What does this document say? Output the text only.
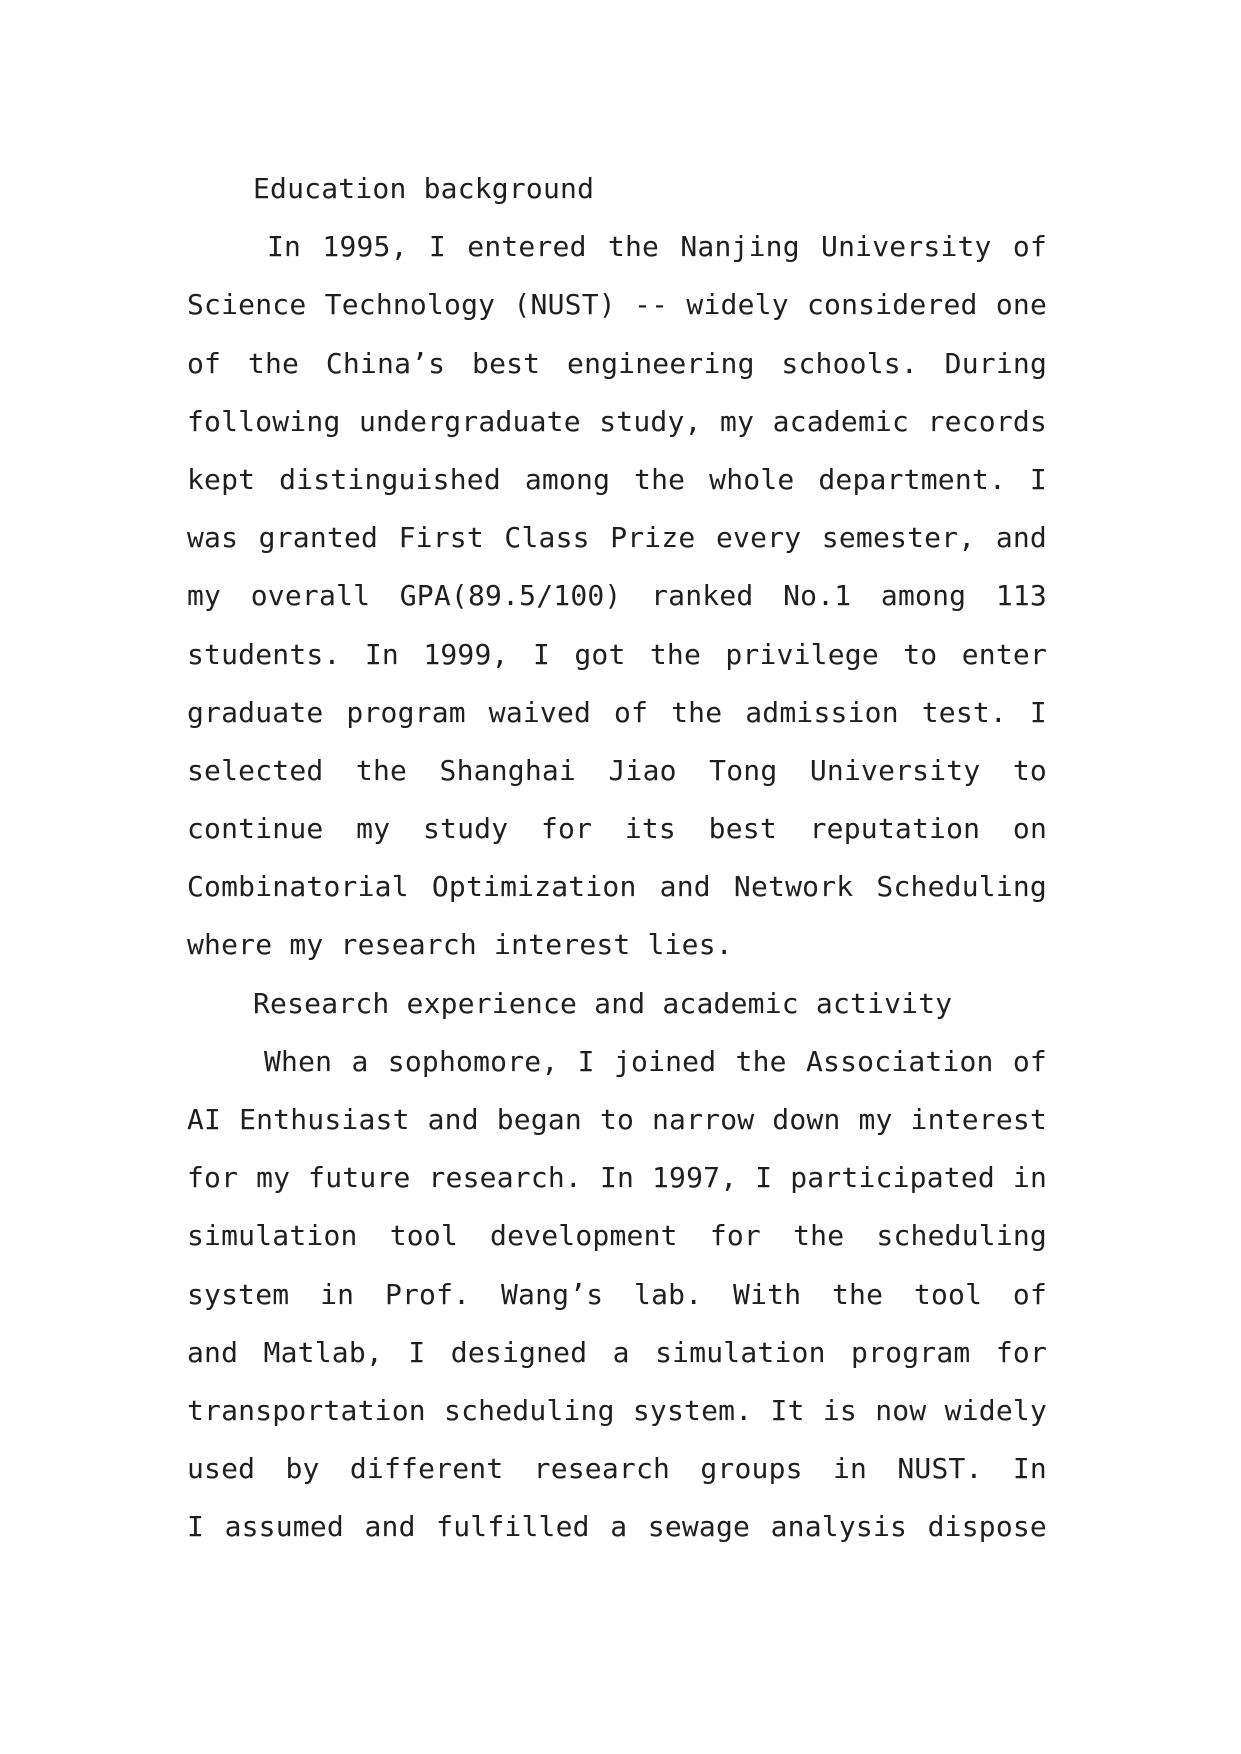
Education background
In 1995, I entered the Nanjing University of
Science Technology (NUST) -- widely considered one
of the China’s best engineering schools. During
following undergraduate study, my academic records
kept distinguished among the whole department. I
was granted First Class Prize every semester, and
my overall GPA(89.5/100) ranked No.1 among 113
students. In 1999, I got the privilege to enter
graduate program waived of the admission test. I
selected the Shanghai Jiao Tong University to
continue my study for its best reputation on
Combinatorial Optimization and Network Scheduling
where my research interest lies.
Research experience and academic activity
When a sophomore, I joined the Association of
AI Enthusiast and began to narrow down my interest
for my future research. In 1997, I participated in
simulation tool development for the scheduling
system in Prof. Wang’s lab. With the tool of
and Matlab, I designed a simulation program for
transportation scheduling system. It is now widely
used by different research groups in NUST. In
I assumed and fulfilled a sewage analysis dispose
